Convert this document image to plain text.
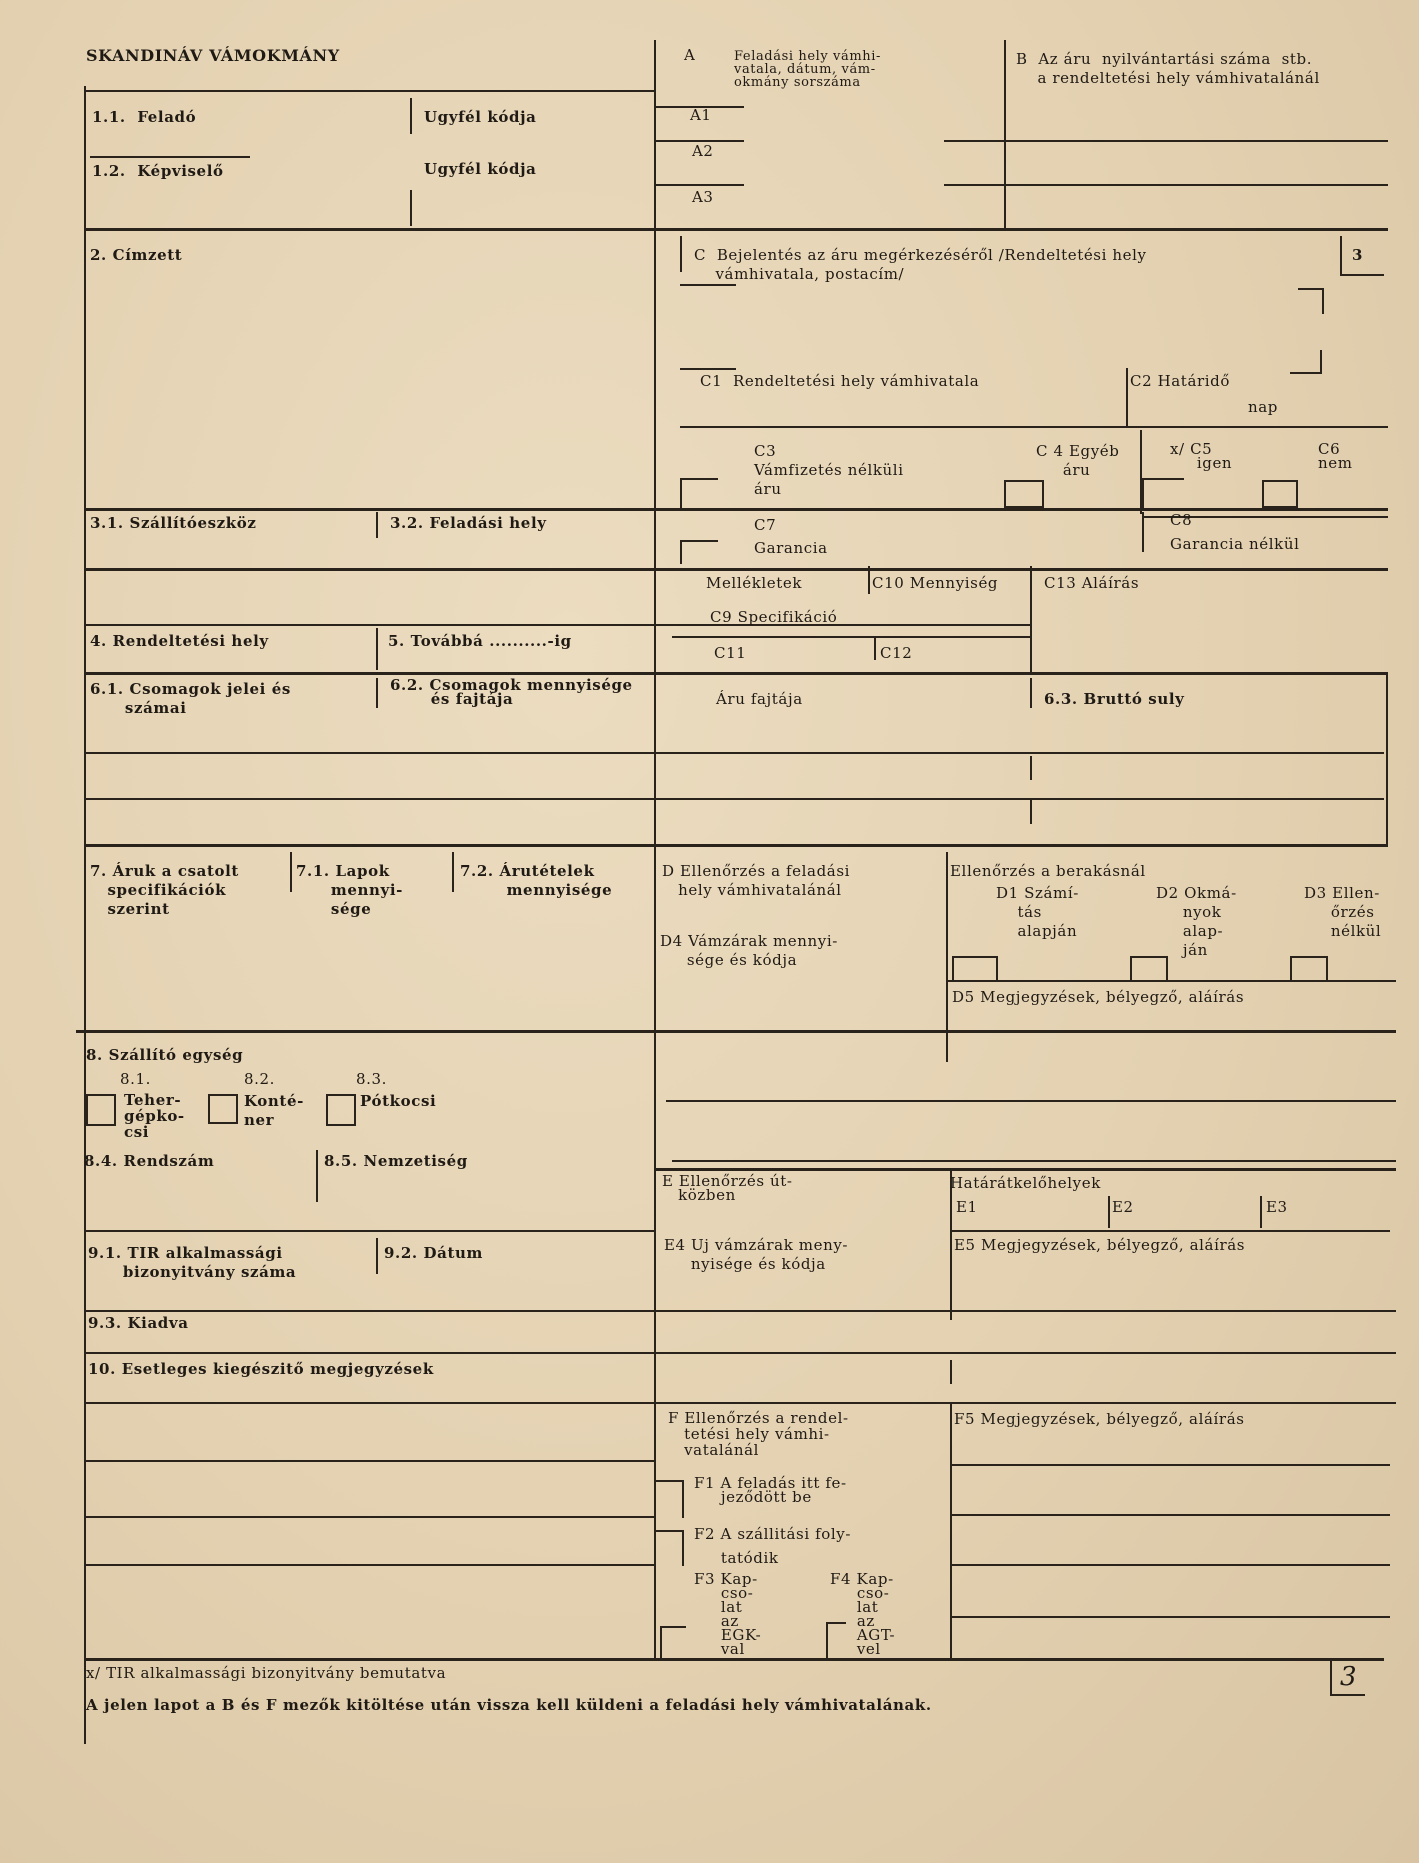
SKANDINÁV VÁMOKMÁNY	A	Feladási hely vámhi-
vatala, dátum, vám-
okmány sorszáma
B  Az áru  nyilvántartási száma  stb.
a rendeltetési hely vámhivatalánál
A1
A2
A3
1.1.  Feladó	Ugyfél kódja
1.2.  Képviselő	Ugyfél kódja
2. Címzett	C  Bejelentés az áru megérkezéséről /Rendeltetési hely
vámhivatala, postacím/
3
C1  Rendeltetési hely vámhivatala	C2 Határidő
nap
C3
Vámfizetés nélküli
áru
C 4 Egyéb
áru
x/ C5
igen
C6
nem
C7
Garancia
C8
Garancia nélkül
3.1. Szállítóeszköz	3.2. Feladási hely
Mellékletek	C10 Mennyiség	C13 Aláírás
C9 Specifikáció
C11	C12
4. Rendeltetési hely	5. Továbbá ..........-ig
6.1. Csomagok jelei és
számai
6.2. Csomagok mennyisége
és fajtája	Áru fajtája	6.3. Bruttó suly
7. Áruk a csatolt
specifikációk
szerint
7.1. Lapok
mennyi-
sége
7.2. Árutételek
mennyisége
D Ellenőrzés a feladási
hely vámhivatalánál
Ellenőrzés a berakásnál
D1 Számí-
tás
alapján
D2 Okmá-
nyok
alap-
ján
D3 Ellen-
őrzés
nélkül
D4 Vámzárak mennyi-
sége és kódja
D5 Megjegyzések, bélyegző, aláírás
8. Szállító egység
8.1.	8.2.	8.3.
Teher-
gépko-
csi
Konté-
ner
Pótkocsi
8.4. Rendszám	8.5. Nemzetiség
E Ellenőrzés út-
közben
Határátkelőhelyek
E1	E2	E3
E4 Uj vámzárak meny-
nyisége és kódja
E5 Megjegyzések, bélyegző, aláírás
9.1. TIR alkalmassági
bizonyitvány száma
9.2. Dátum
9.3. Kiadva
10. Esetleges kiegészitő megjegyzések
F Ellenőrzés a rendel-
tetési hely vámhi-
vatalánál
F5 Megjegyzések, bélyegző, aláírás
F1 A feladás itt fe-
jeződött be
F2 A szállitási foly-
tatódik
F3 Kap-
cso-
lat
az
EGK-
val
F4 Kap-
cso-
lat
az
AGT-
vel
x/ TIR alkalmassági bizonyitvány bemutatva
A jelen lapot a B és F mezők kitöltése után vissza kell küldeni a feladási hely vámhivatalának.
3
